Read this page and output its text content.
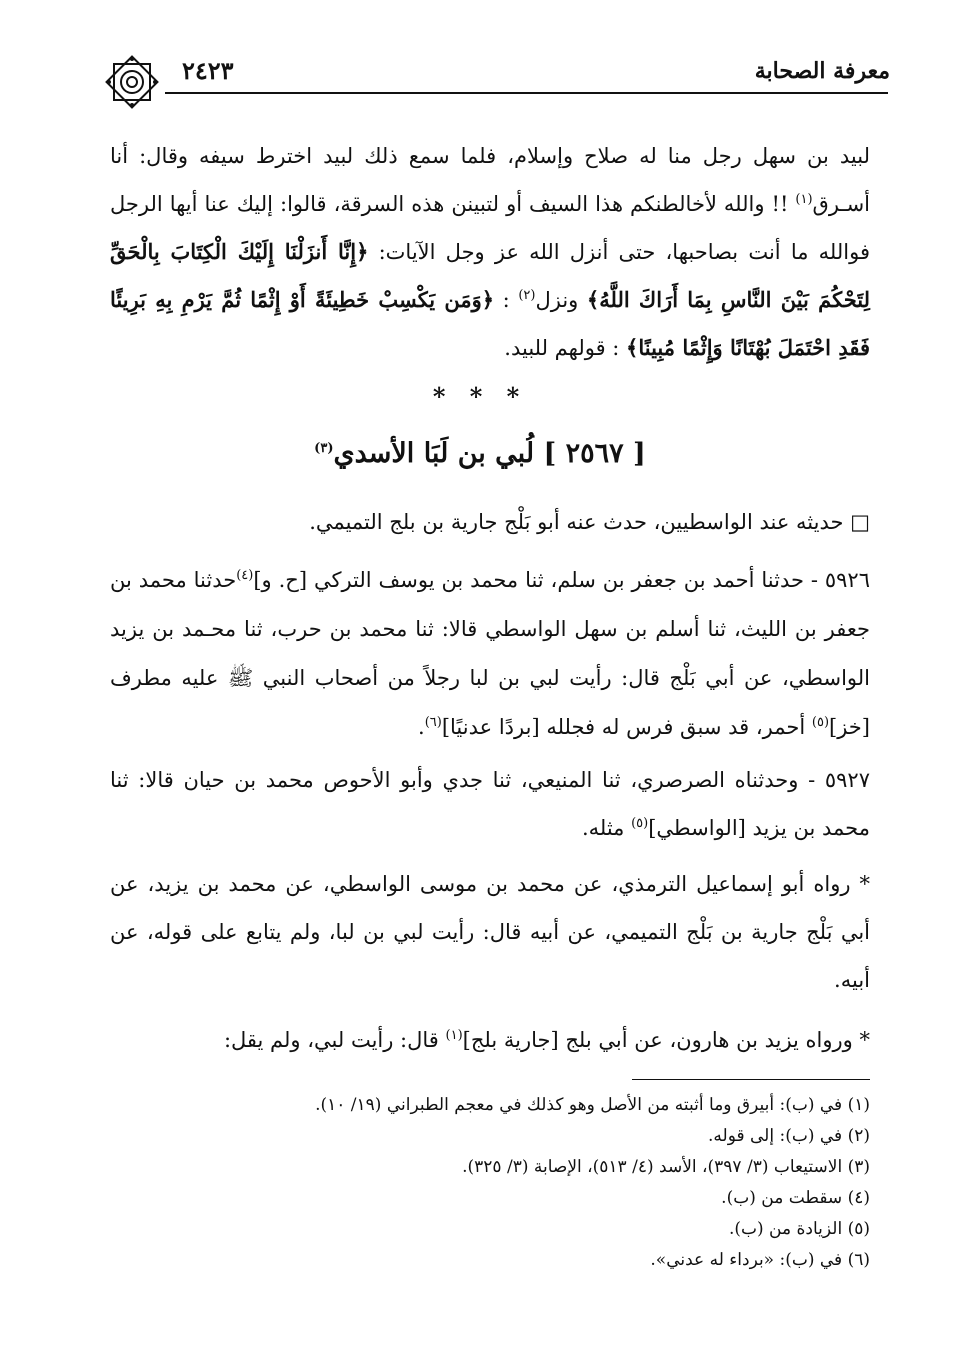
معرفة الصحابة
٢٤٢٣
لبيد بن سهل رجل منا له صلاح وإسلام، فلما سمع ذلك لبيد اخترط سيفه وقال: أنا أسـرق$^{(١)}$ !! والله لأخالطنكم هذا السيف أو لتبينن هذه السرقة، قالوا: إليك عنا أيها الرجل فوالله ما أنت بصاحبها، حتى أنزل الله عز وجل الآيات: ﴿إِنَّا أَنزَلْنَا إِلَيْكَ الْكِتَابَ بِالْحَقِّ لِتَحْكُمَ بَيْنَ النَّاسِ بِمَا أَرَاكَ اللَّهُ﴾ ونزل$^{(٢)}$ : ﴿وَمَن يَكْسِبْ خَطِيئَةً أَوْ إِثْمًا ثُمَّ يَرْمِ بِهِ بَرِيئًا فَقَدِ احْتَمَلَ بُهْتَانًا وَإِثْمًا مُبِينًا﴾ : قولهم للبيد.
* * *
[ ٢٥٦٧ ] لُبي بن لَبَا الأسدي$^{(٣)}$
□ حديثه عند الواسطيين، حدث عنه أبو بَلْج جارية بن بلج التميمي.
٥٩٢٦ - حدثنا أحمد بن جعفر بن سلم، ثنا محمد بن يوسف التركي [ح. و]$^{(٤)}$حدثنا محمد بن جعفر بن الليث، ثنا أسلم بن سهل الواسطي قالا: ثنا محمد بن حرب، ثنا محـمد بن يزيد الواسطي، عن أبي بَلْج قال: رأيت لبي بن لبا رجلاً من أصحاب النبي ﷺ عليه مطرف [خز]$^{(٥)}$ أحمر، قد سبق فرس له فجلله [بردًا عدنيًا]$^{(٦)}$.
٥٩٢٧ - وحدثناه الصرصري، ثنا المنيعي، ثنا جدي وأبو الأحوص محمد بن حيان قالا: ثنا محمد بن يزيد [الواسطي]$^{(٥)}$ مثله.
* رواه أبو إسماعيل الترمذي، عن محمد بن موسى الواسطي، عن محمد بن يزيد، عن أبي بَلْج جارية بن بَلْج التميمي، عن أبيه قال: رأيت لبي بن لبا، ولم يتابع على قوله، عن أبيه.
* ورواه يزيد بن هارون، عن أبي بلج [جارية بلج]$^{(١)}$ قال: رأيت لبي، ولم يقل:
(١) في (ب): أبيرق وما أثبته من الأصل وهو كذلك في معجم الطبراني (١٩/ ١٠).
(٢) في (ب): إلى قوله.
(٣) الاستيعاب (٣/ ٣٩٧)، الأسد (٤/ ٥١٣)، الإصابة (٣/ ٣٢٥).
(٤) سقطت من (ب).
(٥) الزيادة من (ب).
(٦) في (ب): «برداء له عدني».
